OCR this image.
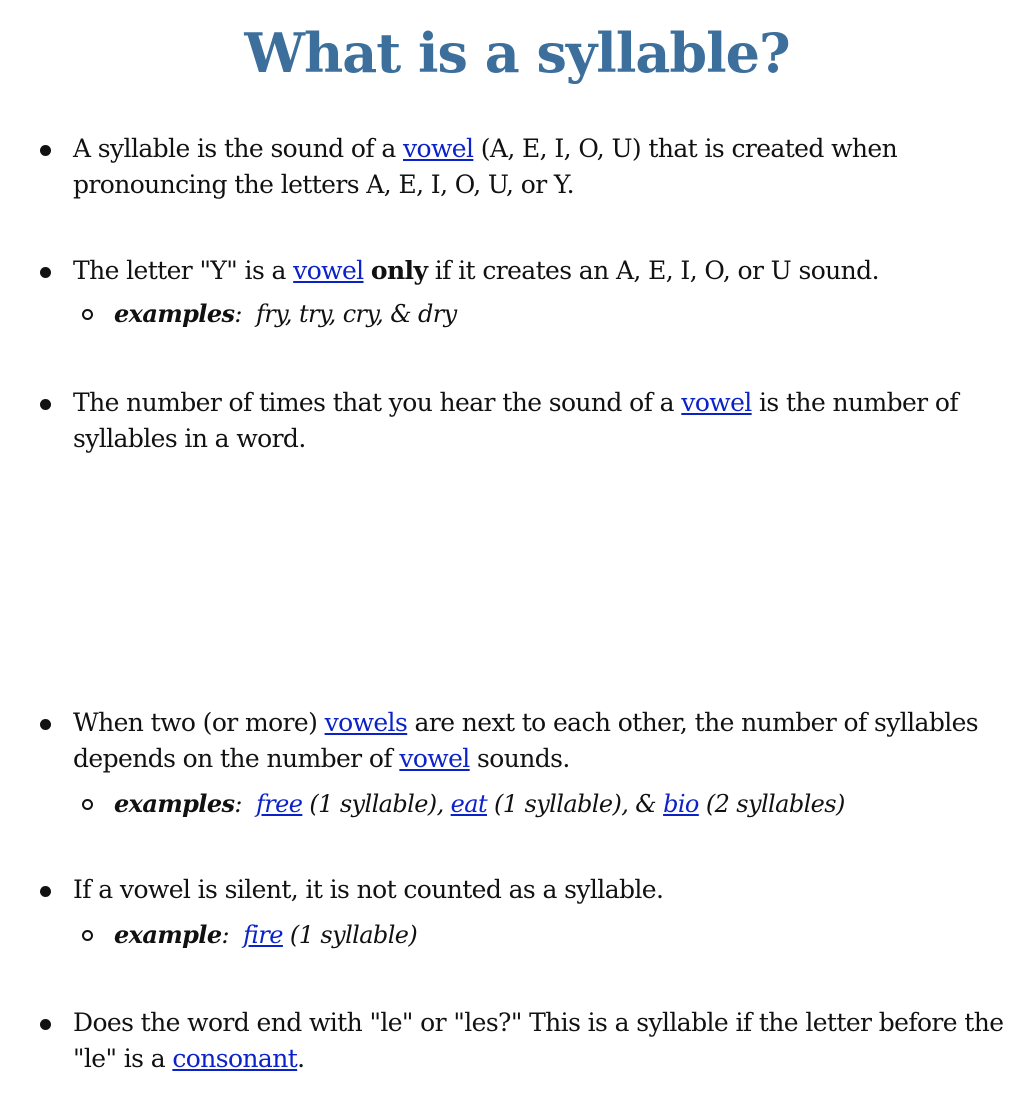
What is a syllable?
A syllable is the sound of a vowel (A, E, I, O, U) that is created when pronouncing the letters A, E, I, O, U, or Y.
The letter "Y" is a vowel only if it creates an A, E, I, O, or U sound.
examples: fry, try, cry, & dry
The number of times that you hear the sound of a vowel is the number of syllables in a word.
When two (or more) vowels are next to each other, the number of syllables depends on the number of vowel sounds.
examples: free (1 syllable), eat (1 syllable), & bio (2 syllables)
If a vowel is silent, it is not counted as a syllable.
example: fire (1 syllable)
Does the word end with "le" or "les?" This is a syllable if the letter before the "le" is a consonant.
